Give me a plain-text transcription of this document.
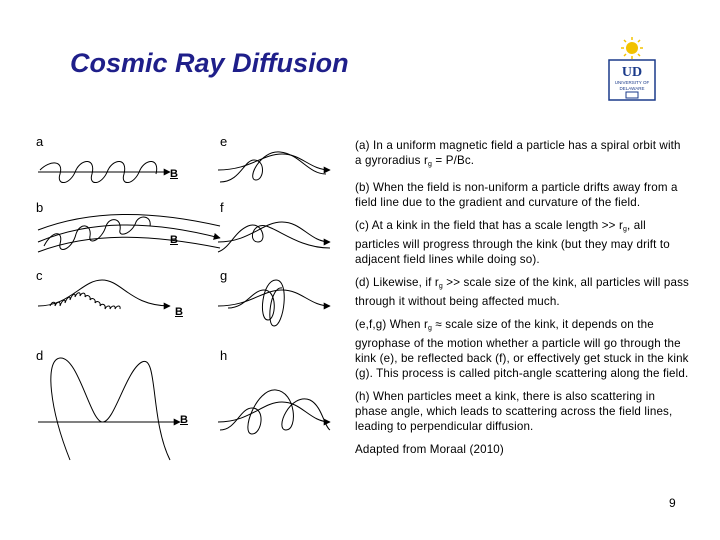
Cosmic Ray Diffusion	UD
UNIVERSITY OF
DELAWARE
a
b
c
d
e
f
g
h
B
B
B
B

(a) In a uniform magnetic field a particle has a spiral orbit with a gyroradius $r_g = P/Bc$.

(b) When the field is non-uniform a particle drifts away from a field line due to the gradient and curvature of the field.

(c) At a kink in the field that has a scale length >> $r_g$, all particles will progress through the kink (but they may drift to adjacent field lines while doing so).

(d) Likewise, if $r_g$ >> scale size of the kink, all particles will pass through it without being affected much.

(e,f,g) When $r_g$ ≈ scale size of the kink, it depends on the gyrophase of the motion whether a particle will go through the kink (e), be reflected back (f), or effectively get stuck in the kink (g). This process is called pitch-angle scattering along the field.

(h) When particles meet a kink, there is also scattering in phase angle, which leads to scattering across the field lines, leading to perpendicular diffusion.

Adapted from Moraal (2010)

9
